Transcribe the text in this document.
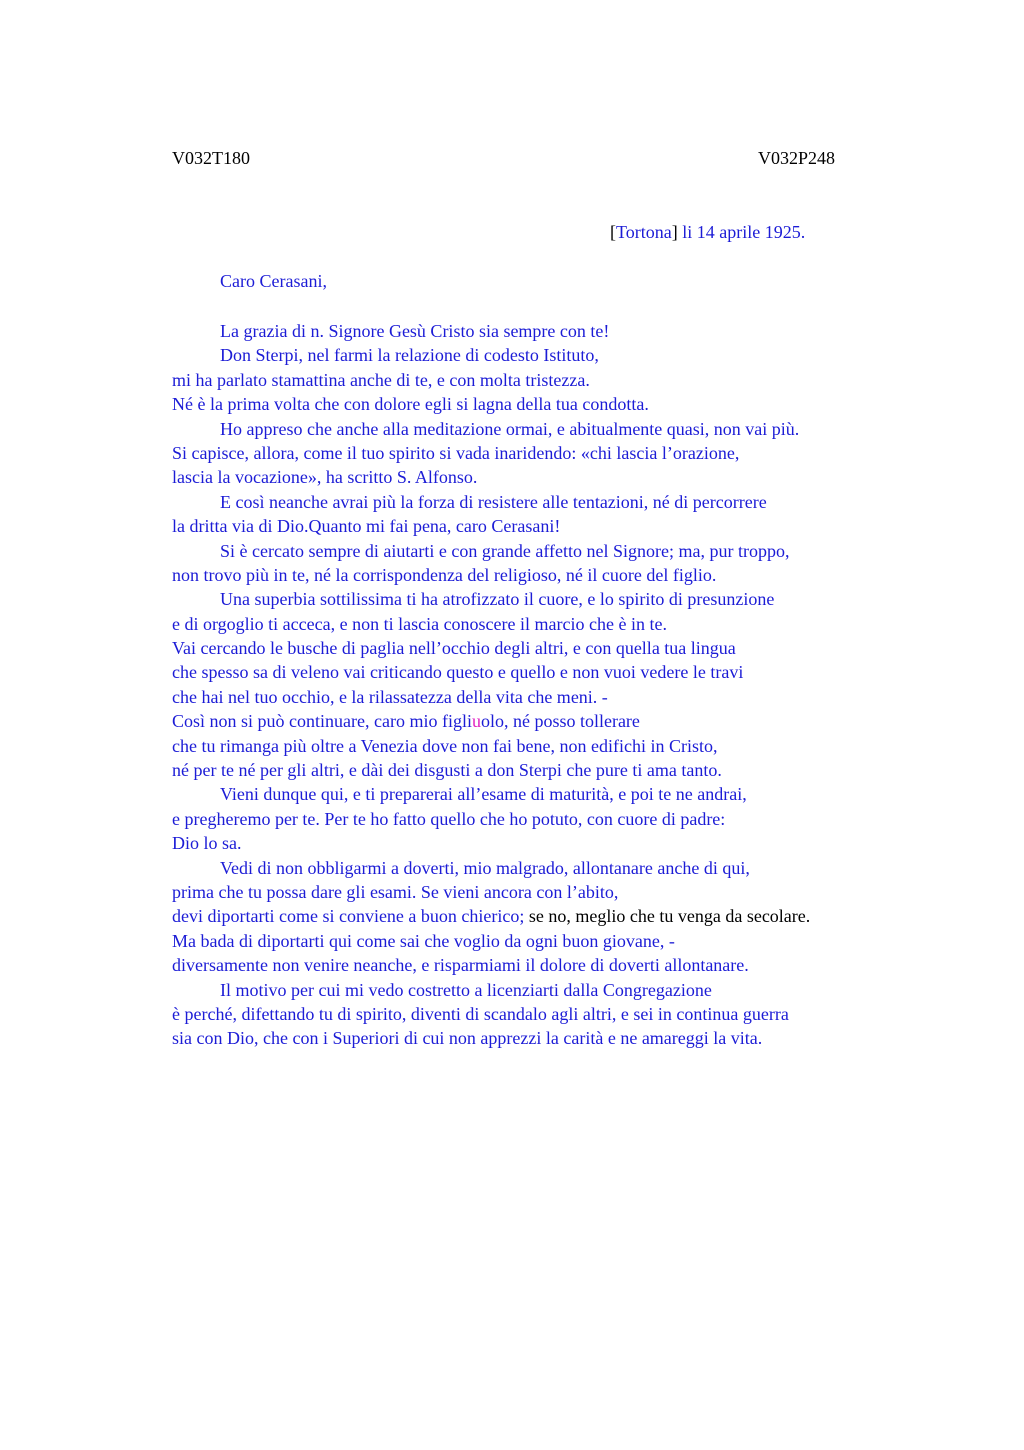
V032T180	V032P248
[Tortona] li 14 aprile 1925.
Caro Cerasani,
La grazia di n. Signore Gesù Cristo sia sempre con te!
Don Sterpi, nel farmi la relazione di codesto Istituto,
mi ha parlato stamattina anche di te, e con molta tristezza.
Né è la prima volta che con dolore egli si lagna della tua condotta.
Ho appreso che anche alla meditazione ormai, e abitualmente quasi, non vai più.
Si capisce, allora, come il tuo spirito si vada inaridendo: «chi lascia l’orazione,
lascia la vocazione», ha scritto S. Alfonso.
E così neanche avrai più la forza di resistere alle tentazioni, né di percorrere
la dritta via di Dio.Quanto mi fai pena, caro Cerasani!
Si è cercato sempre di aiutarti e con grande affetto nel Signore; ma, pur troppo,
non trovo più in te, né la corrispondenza del religioso, né il cuore del figlio.
Una superbia sottilissima ti ha atrofizzato il cuore, e lo spirito di presunzione
e di orgoglio ti acceca, e non ti lascia conoscere il marcio che è in te.
Vai cercando le busche di paglia nell’occhio degli altri, e con quella tua lingua
che spesso sa di veleno vai criticando questo e quello e non vuoi vedere le travi
che hai nel tuo occhio, e la rilassatezza della vita che meni. -
Così non si può continuare, caro mio figliuolo, né posso tollerare
che tu rimanga più oltre a Venezia dove non fai bene, non edifichi in Cristo,
né per te né per gli altri, e dài dei disgusti a don Sterpi che pure ti ama tanto.
Vieni dunque qui, e ti preparerai all’esame di maturità, e poi te ne andrai,
e pregheremo per te. Per te ho fatto quello che ho potuto, con cuore di padre:
Dio lo sa.
Vedi di non obbligarmi a doverti, mio malgrado, allontanare anche di qui,
prima che tu possa dare gli esami. Se vieni ancora con l’abito,
devi diportarti come si conviene a buon chierico; se no, meglio che tu venga da secolare.
Ma bada di diportarti qui come sai che voglio da ogni buon giovane, -
diversamente non venire neanche, e risparmiami il dolore di doverti allontanare.
Il motivo per cui mi vedo costretto a licenziarti dalla Congregazione
è perché, difettando tu di spirito, diventi di scandalo agli altri, e sei in continua guerra
sia con Dio, che con i Superiori di cui non apprezzi la carità e ne amareggi la vita.
